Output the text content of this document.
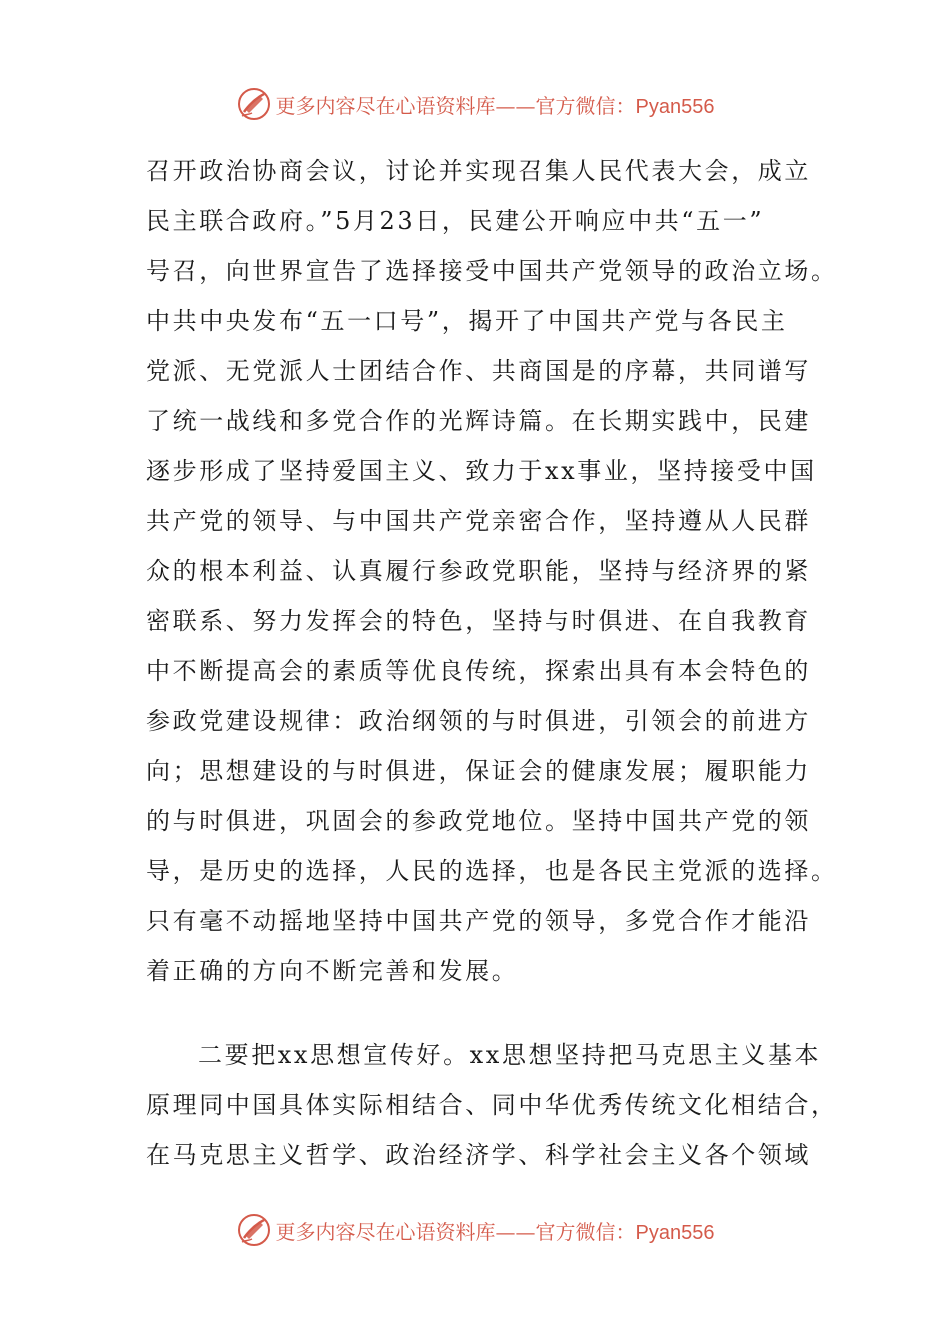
更多内容尽在心语资料库——官方微信：Pyan556
召开政治协商会议，讨论并实现召集人民代表大会，成立
民主联合政府。”5月23日，民建公开响应中共“五一”
号召，向世界宣告了选择接受中国共产党领导的政治立场。
中共中央发布“五一口号”，揭开了中国共产党与各民主
党派、无党派人士团结合作、共商国是的序幕，共同谱写
了统一战线和多党合作的光辉诗篇。在长期实践中，民建
逐步形成了坚持爱国主义、致力于xx事业，坚持接受中国
共产党的领导、与中国共产党亲密合作，坚持遵从人民群
众的根本利益、认真履行参政党职能，坚持与经济界的紧
密联系、努力发挥会的特色，坚持与时俱进、在自我教育
中不断提高会的素质等优良传统，探索出具有本会特色的
参政党建设规律：政治纲领的与时俱进，引领会的前进方
向；思想建设的与时俱进，保证会的健康发展；履职能力
的与时俱进，巩固会的参政党地位。坚持中国共产党的领
导，是历史的选择，人民的选择，也是各民主党派的选择。
只有毫不动摇地坚持中国共产党的领导，多党合作才能沿
着正确的方向不断完善和发展。
二要把xx思想宣传好。xx思想坚持把马克思主义基本
原理同中国具体实际相结合、同中华优秀传统文化相结合，
在马克思主义哲学、政治经济学、科学社会主义各个领域
更多内容尽在心语资料库——官方微信：Pyan556
